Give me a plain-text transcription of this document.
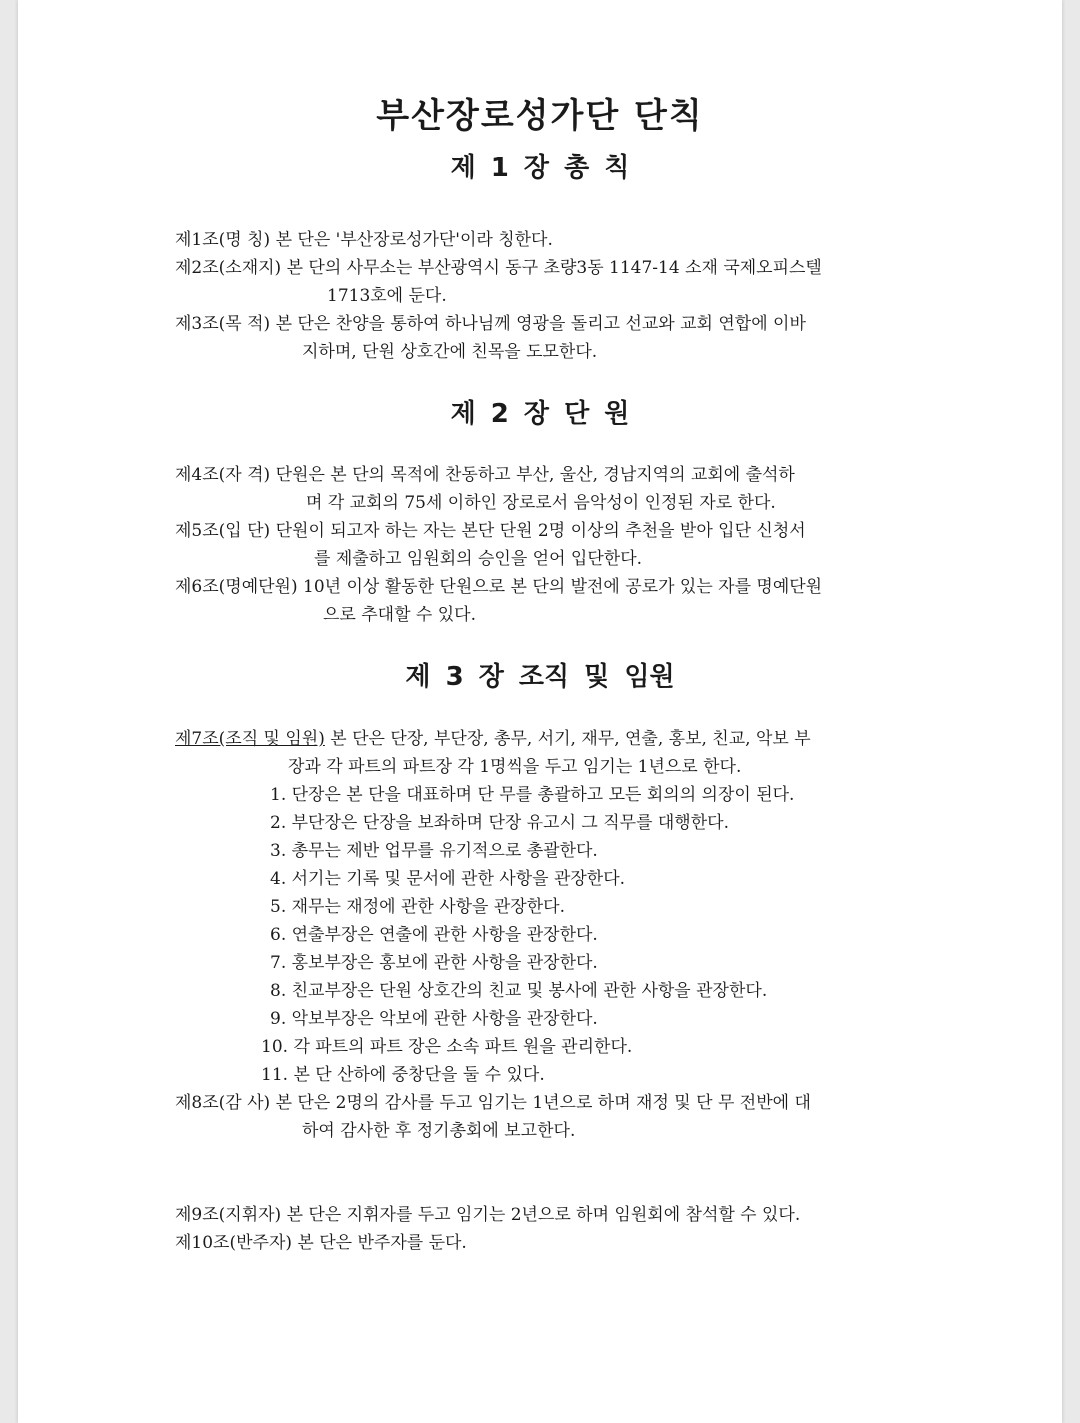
부산장로성가단 단칙
제 1 장 총 칙
제1조(명 칭) 본 단은 '부산장로성가단'이라 칭한다.
제2조(소재지) 본 단의 사무소는 부산광역시 동구 초량3동 1147-14 소재 국제오피스텔
1713호에 둔다.
제3조(목 적) 본 단은 찬양을 통하여 하나님께 영광을 돌리고 선교와 교회 연합에 이바
지하며, 단원 상호간에 친목을 도모한다.
제 2 장 단 원
제4조(자 격) 단원은 본 단의 목적에 찬동하고 부산, 울산, 경남지역의 교회에 출석하
며 각 교회의 75세 이하인 장로로서 음악성이 인정된 자로 한다.
제5조(입 단) 단원이 되고자 하는 자는 본단 단원 2명 이상의 추천을 받아 입단 신청서
를 제출하고 임원회의 승인을 얻어 입단한다.
제6조(명예단원) 10년 이상 활동한 단원으로 본 단의 발전에 공로가 있는 자를 명예단원
으로 추대할 수 있다.
제 3 장 조직 및 임원
제7조(조직 및 임원) 본 단은 단장, 부단장, 총무, 서기, 재무, 연출, 홍보, 친교, 악보 부
장과 각 파트의 파트장 각 1명씩을 두고 임기는 1년으로 한다.
1. 단장은 본 단을 대표하며 단 무를 총괄하고 모든 회의의 의장이 된다.
2. 부단장은 단장을 보좌하며 단장 유고시 그 직무를 대행한다.
3. 총무는 제반 업무를 유기적으로 총괄한다.
4. 서기는 기록 및 문서에 관한 사항을 관장한다.
5. 재무는 재정에 관한 사항을 관장한다.
6. 연출부장은 연출에 관한 사항을 관장한다.
7. 홍보부장은 홍보에 관한 사항을 관장한다.
8. 친교부장은 단원 상호간의 친교 및 봉사에 관한 사항을 관장한다.
9. 악보부장은 악보에 관한 사항을 관장한다.
10. 각 파트의 파트 장은 소속 파트 원을 관리한다.
11. 본 단 산하에 중창단을 둘 수 있다.
제8조(감 사) 본 단은 2명의 감사를 두고 임기는 1년으로 하며 재정 및 단 무 전반에 대
하여 감사한 후 정기총회에 보고한다.
제9조(지휘자) 본 단은 지휘자를 두고 임기는 2년으로 하며 임원회에 참석할 수 있다.
제10조(반주자) 본 단은 반주자를 둔다.
